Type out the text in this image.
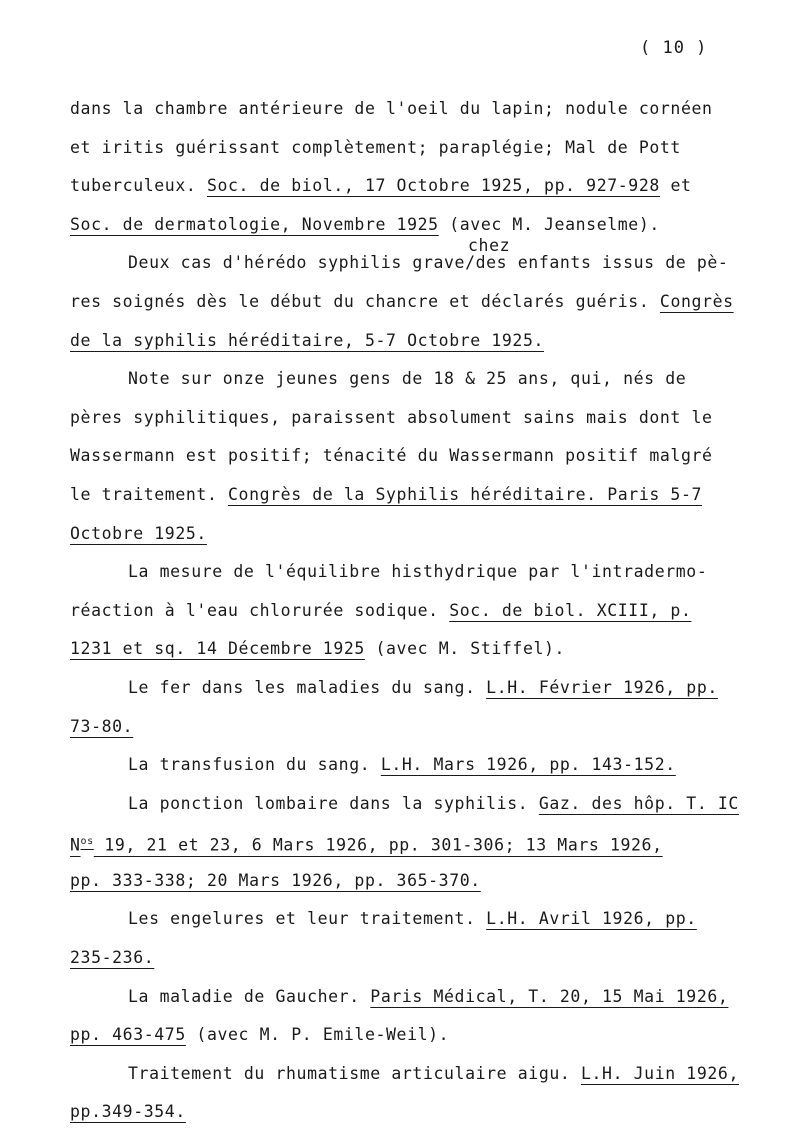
( 10 )
chez
dans la chambre antérieure de l'oeil du lapin; nodule cornéen
et iritis guérissant complètement; paraplégie; Mal de Pott
tuberculeux. Soc. de biol., 17 Octobre 1925, pp. 927-928 et
Soc. de dermatologie, Novembre 1925 (avec M. Jeanselme).
Deux cas d'hérédo syphilis grave/des enfants issus de pè-
res soignés dès le début du chancre et déclarés guéris. Congrès
de la syphilis héréditaire, 5-7 Octobre 1925.
Note sur onze jeunes gens de 18 & 25 ans, qui, nés de
pères syphilitiques, paraissent absolument sains mais dont le
Wassermann est positif; ténacité du Wassermann positif malgré
le traitement. Congrès de la Syphilis héréditaire. Paris 5-7
Octobre 1925.
La mesure de l'équilibre histhydrique par l'intradermo-
réaction à l'eau chlorurée sodique. Soc. de biol. XCIII, p.
1231 et sq. 14 Décembre 1925 (avec M. Stiffel).
Le fer dans les maladies du sang. L.H. Février 1926, pp.
73-80.
La transfusion du sang. L.H. Mars 1926, pp. 143-152.
La ponction lombaire dans la syphilis. Gaz. des hôp. T. IC
$N^{os}$ 19, 21 et 23, 6 Mars 1926, pp. 301-306; 13 Mars 1926,
pp. 333-338; 20 Mars 1926, pp. 365-370.
Les engelures et leur traitement. L.H. Avril 1926, pp.
235-236.
La maladie de Gaucher. Paris Médical, T. 20, 15 Mai 1926,
pp. 463-475 (avec M. P. Emile-Weil).
Traitement du rhumatisme articulaire aigu. L.H. Juin 1926,
pp.349-354.
